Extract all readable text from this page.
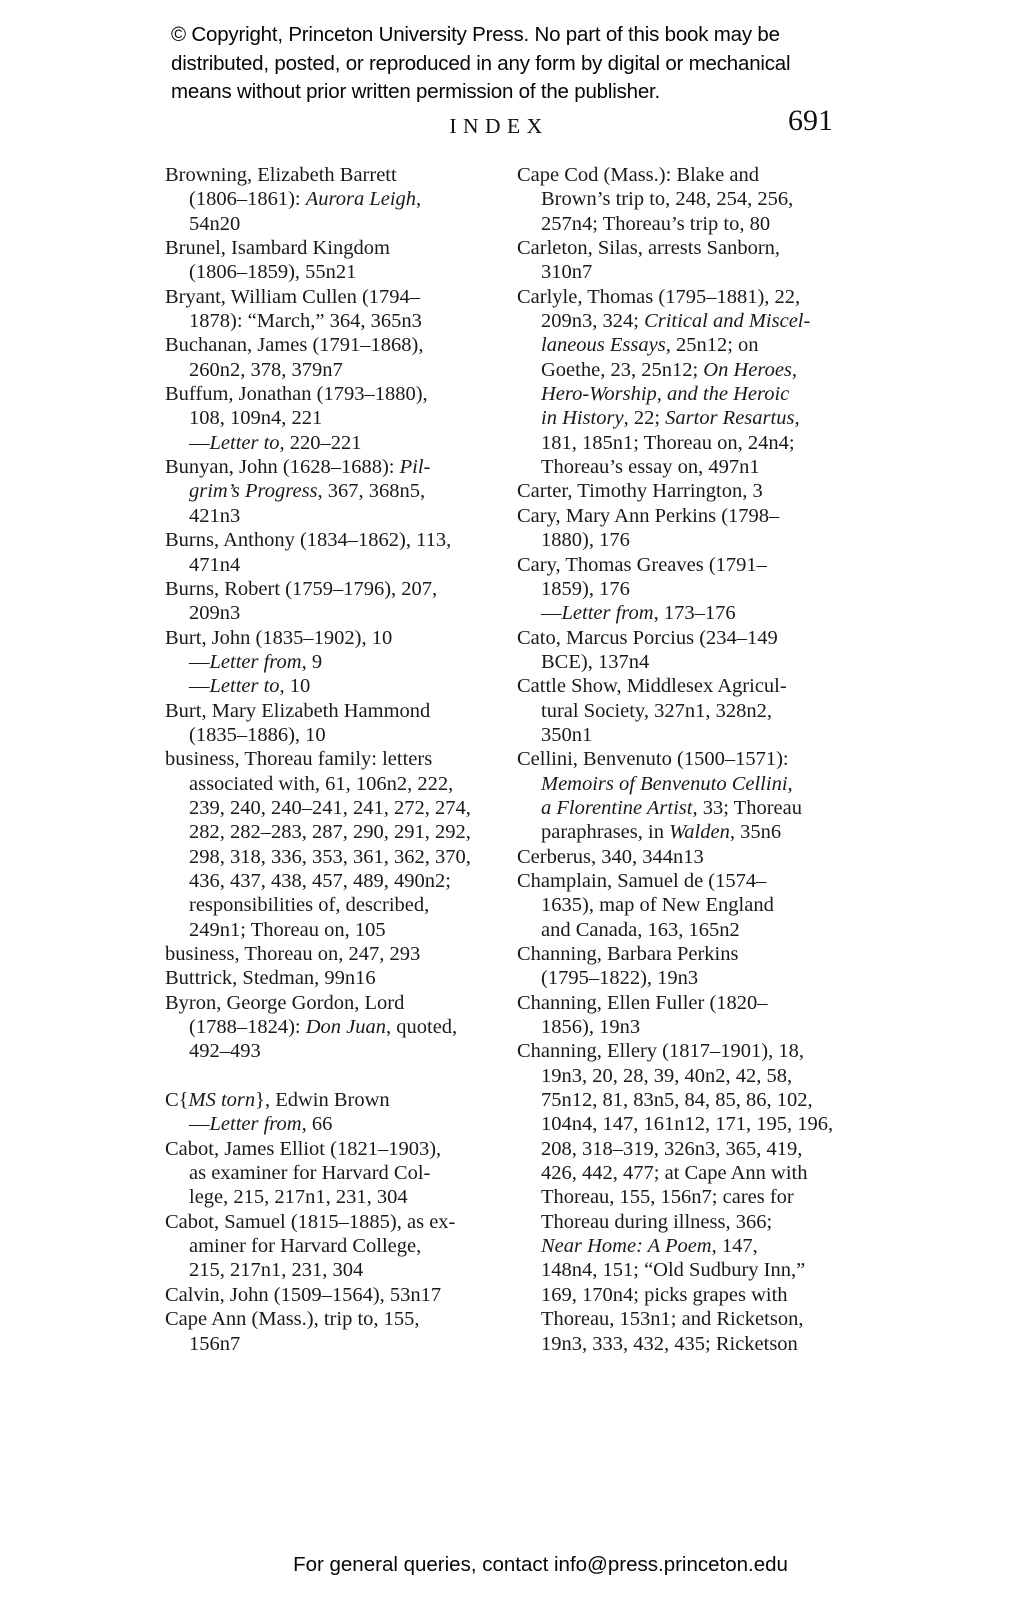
© Copyright, Princeton University Press. No part of this book may be
distributed, posted, or reproduced in any form by digital or mechanical
means without prior written permission of the publisher.
INDEX	691
Browning, Elizabeth Barrett
(1806–1861): Aurora Leigh,
54n20
Brunel, Isambard Kingdom
(1806–1859), 55n21
Bryant, William Cullen (1794–
1878): “March,” 364, 365n3
Buchanan, James (1791–1868),
260n2, 378, 379n7
Buffum, Jonathan (1793–1880),
108, 109n4, 221
—Letter to, 220–221
Bunyan, John (1628–1688): Pil-
grim’s Progress, 367, 368n5,
421n3
Burns, Anthony (1834–1862), 113,
471n4
Burns, Robert (1759–1796), 207,
209n3
Burt, John (1835–1902), 10
—Letter from, 9
—Letter to, 10
Burt, Mary Elizabeth Hammond
(1835–1886), 10
business, Thoreau family: letters
associated with, 61, 106n2, 222,
239, 240, 240–241, 241, 272, 274,
282, 282–283, 287, 290, 291, 292,
298, 318, 336, 353, 361, 362, 370,
436, 437, 438, 457, 489, 490n2;
responsibilities of, described,
249n1; Thoreau on, 105
business, Thoreau on, 247, 293
Buttrick, Stedman, 99n16
Byron, George Gordon, Lord
(1788–1824): Don Juan, quoted,
492–493
C{MS torn}, Edwin Brown
—Letter from, 66
Cabot, James Elliot (1821–1903),
as examiner for Harvard Col-
lege, 215, 217n1, 231, 304
Cabot, Samuel (1815–1885), as ex-
aminer for Harvard College,
215, 217n1, 231, 304
Calvin, John (1509–1564), 53n17
Cape Ann (Mass.), trip to, 155,
156n7
Cape Cod (Mass.): Blake and
Brown’s trip to, 248, 254, 256,
257n4; Thoreau’s trip to, 80
Carleton, Silas, arrests Sanborn,
310n7
Carlyle, Thomas (1795–1881), 22,
209n3, 324; Critical and Miscel-
laneous Essays, 25n12; on
Goethe, 23, 25n12; On Heroes,
Hero-Worship, and the Heroic
in History, 22; Sartor Resartus,
181, 185n1; Thoreau on, 24n4;
Thoreau’s essay on, 497n1
Carter, Timothy Harrington, 3
Cary, Mary Ann Perkins (1798–
1880), 176
Cary, Thomas Greaves (1791–
1859), 176
—Letter from, 173–176
Cato, Marcus Porcius (234–149
BCE), 137n4
Cattle Show, Middlesex Agricul-
tural Society, 327n1, 328n2,
350n1
Cellini, Benvenuto (1500–1571):
Memoirs of Benvenuto Cellini,
a Florentine Artist, 33; Thoreau
paraphrases, in Walden, 35n6
Cerberus, 340, 344n13
Champlain, Samuel de (1574–
1635), map of New England
and Canada, 163, 165n2
Channing, Barbara Perkins
(1795–1822), 19n3
Channing, Ellen Fuller (1820–
1856), 19n3
Channing, Ellery (1817–1901), 18,
19n3, 20, 28, 39, 40n2, 42, 58,
75n12, 81, 83n5, 84, 85, 86, 102,
104n4, 147, 161n12, 171, 195, 196,
208, 318–319, 326n3, 365, 419,
426, 442, 477; at Cape Ann with
Thoreau, 155, 156n7; cares for
Thoreau during illness, 366;
Near Home: A Poem, 147,
148n4, 151; “Old Sudbury Inn,”
169, 170n4; picks grapes with
Thoreau, 153n1; and Ricketson,
19n3, 333, 432, 435; Ricketson
For general queries, contact info@press.princeton.edu
